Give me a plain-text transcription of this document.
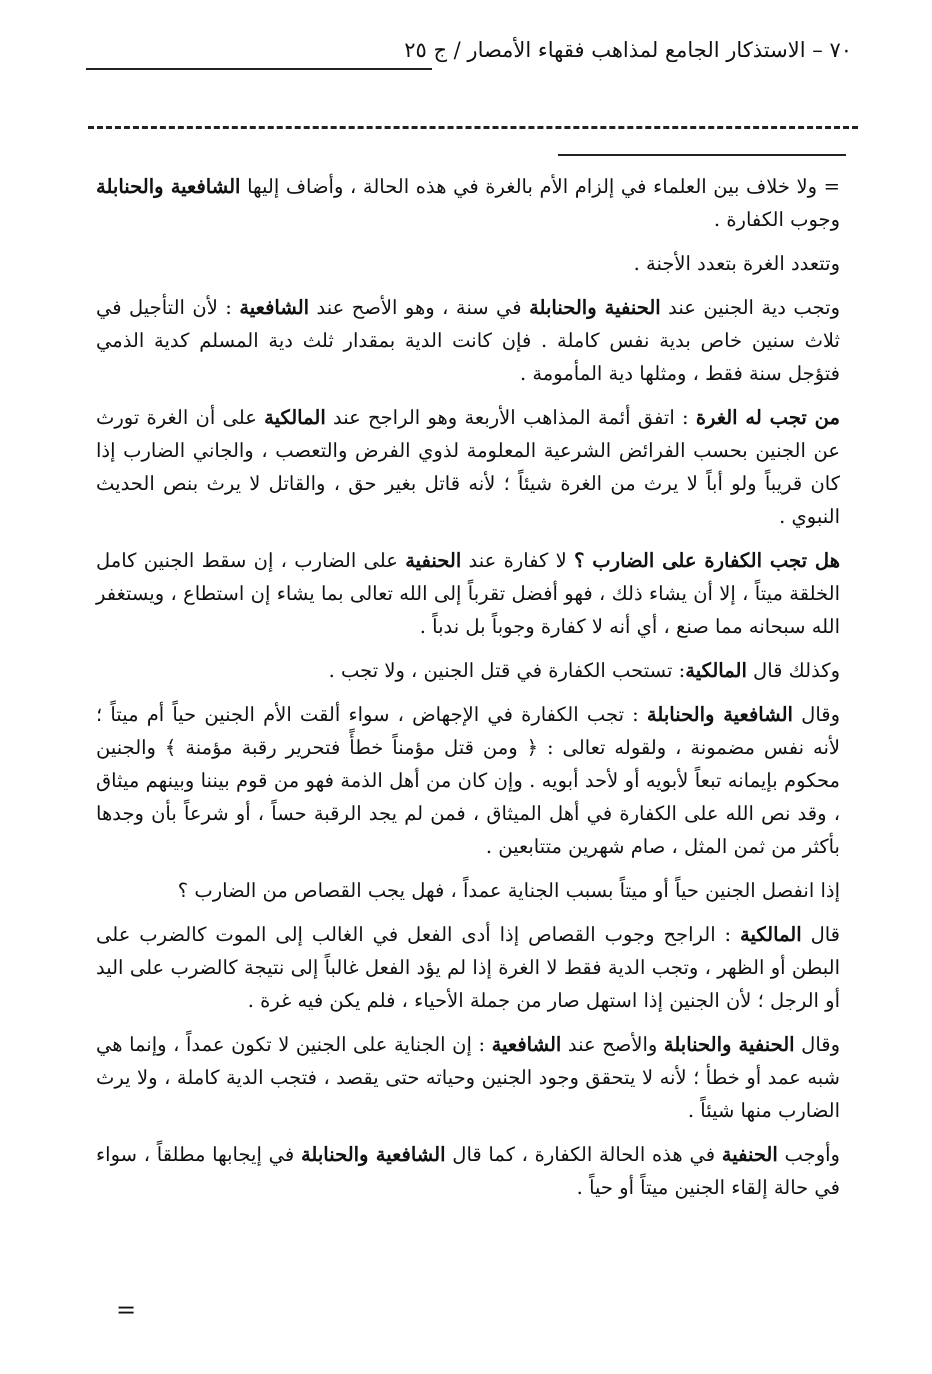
٧٠ – الاستذكار الجامع لمذاهب فقهاء الأمصار / ج ٢٥

= ولا خلاف بين العلماء في إلزام الأم بالغرة في هذه الحالة ، وأضاف إليها الشافعية والحنابلة وجوب الكفارة .

وتتعدد الغرة بتعدد الأجنة .

وتجب دية الجنين عند الحنفية والحنابلة في سنة ، وهو الأصح عند الشافعية : لأن التأجيل في ثلاث سنين خاص بدية نفس كاملة . فإن كانت الدية بمقدار ثلث دية المسلم كدية الذمي فتؤجل سنة فقط ، ومثلها دية المأمومة .

من تجب له الغرة : اتفق أئمة المذاهب الأربعة وهو الراجح عند المالكية على أن الغرة تورث عن الجنين بحسب الفرائض الشرعية المعلومة لذوي الفرض والتعصب ، والجاني الضارب إذا كان قريباً ولو أباً لا يرث من الغرة شيئاً ؛ لأنه قاتل بغير حق ، والقاتل لا يرث بنص الحديث النبوي .

هل تجب الكفارة على الضارب ؟ لا كفارة عند الحنفية على الضارب ، إن سقط الجنين كامل الخلقة ميتاً ، إلا أن يشاء ذلك ، فهو أفضل تقرباً إلى الله تعالى بما يشاء إن استطاع ، ويستغفر الله سبحانه مما صنع ، أي أنه لا كفارة وجوباً بل ندباً .

وكذلك قال المالكية: تستحب الكفارة في قتل الجنين ، ولا تجب .

وقال الشافعية والحنابلة : تجب الكفارة في الإجهاض ، سواء ألقت الأم الجنين حياً أم ميتاً ؛ لأنه نفس مضمونة ، ولقوله تعالى : ﴿ ومن قتل مؤمناً خطأً فتحرير رقبة مؤمنة ﴾ والجنين محكوم بإيمانه تبعاً لأبويه أو لأحد أبويه . وإن كان من أهل الذمة فهو من قوم بيننا وبينهم ميثاق ، وقد نص الله على الكفارة في أهل الميثاق ، فمن لم يجد الرقبة حساً ، أو شرعاً بأن وجدها بأكثر من ثمن المثل ، صام شهرين متتابعين .

إذا انفصل الجنين حياً أو ميتاً بسبب الجناية عمداً ، فهل يجب القصاص من الضارب ؟

قال المالكية : الراجح وجوب القصاص إذا أدى الفعل في الغالب إلى الموت كالضرب على البطن أو الظهر ، وتجب الدية فقط لا الغرة إذا لم يؤد الفعل غالباً إلى نتيجة كالضرب على اليد أو الرجل ؛ لأن الجنين إذا استهل صار من جملة الأحياء ، فلم يكن فيه غرة .

وقال الحنفية والحنابلة والأصح عند الشافعية : إن الجناية على الجنين لا تكون عمداً ، وإنما هي شبه عمد أو خطأ ؛ لأنه لا يتحقق وجود الجنين وحياته حتى يقصد ، فتجب الدية كاملة ، ولا يرث الضارب منها شيئاً .

وأوجب الحنفية في هذه الحالة الكفارة ، كما قال الشافعية والحنابلة في إيجابها مطلقاً ، سواء في حالة إلقاء الجنين ميتاً أو حياً .

=
